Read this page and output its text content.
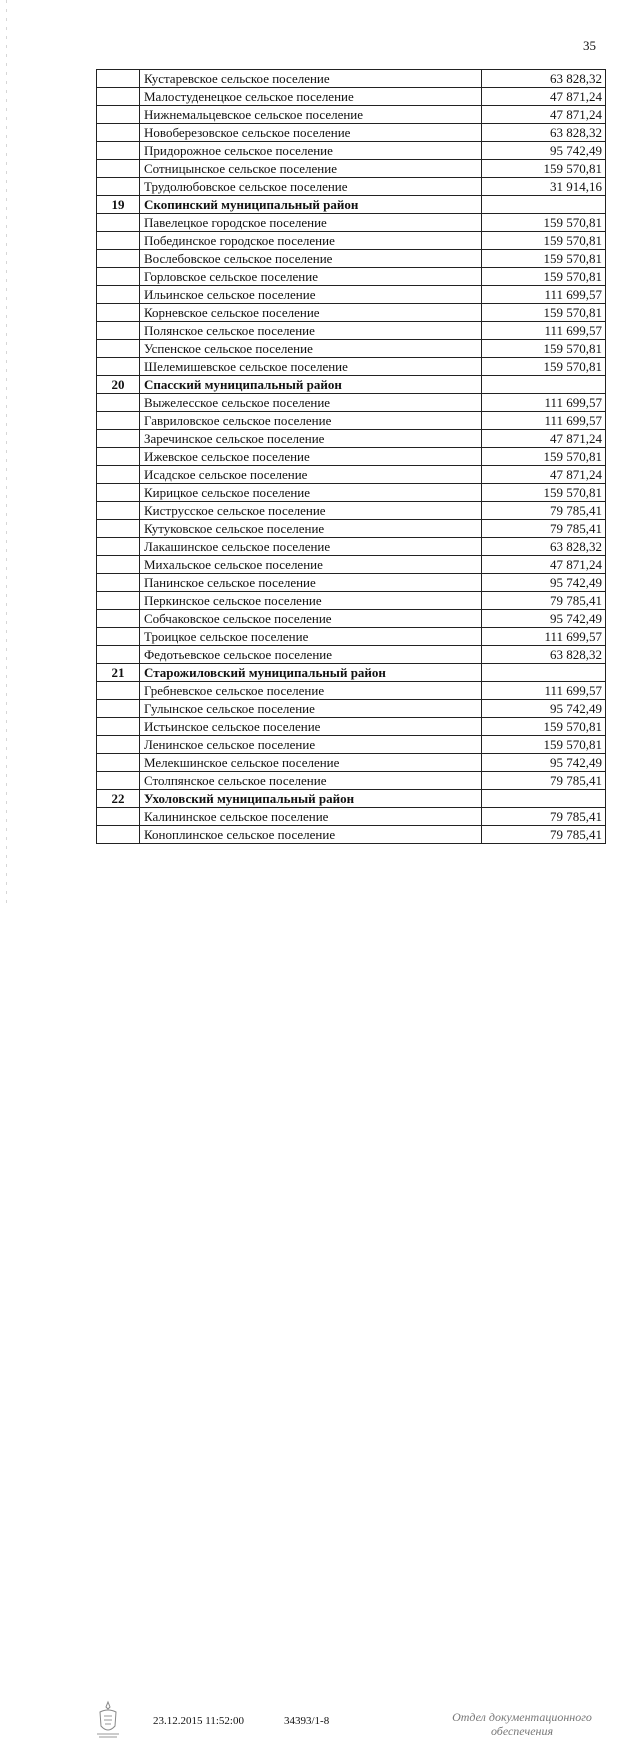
35
	Кустаревское сельское поселение	63 828,32
	Малостуденецкое сельское поселение	47 871,24
	Нижнемальцевское сельское поселение	47 871,24
	Новоберезовское сельское поселение	63 828,32
	Придорожное сельское поселение	95 742,49
	Сотницынское сельское поселение	159 570,81
	Трудолюбовское сельское поселение	31 914,16
19	Скопинский муниципальный район	
	Павелецкое городское поселение	159 570,81
	Побединское городское поселение	159 570,81
	Вослебовское сельское поселение	159 570,81
	Горловское сельское поселение	159 570,81
	Ильинское сельское поселение	111 699,57
	Корневское сельское поселение	159 570,81
	Полянское сельское поселение	111 699,57
	Успенское сельское поселение	159 570,81
	Шелемишевское сельское поселение	159 570,81
20	Спасский муниципальный район	
	Выжелесское сельское поселение	111 699,57
	Гавриловское сельское поселение	111 699,57
	Заречинское сельское поселение	47 871,24
	Ижевское сельское поселение	159 570,81
	Исадское сельское поселение	47 871,24
	Кирицкое сельское поселение	159 570,81
	Киструсское сельское поселение	79 785,41
	Кутуковское сельское поселение	79 785,41
	Лакашинское сельское поселение	63 828,32
	Михальское сельское поселение	47 871,24
	Панинское сельское поселение	95 742,49
	Перкинское сельское поселение	79 785,41
	Собчаковское сельское поселение	95 742,49
	Троицкое сельское поселение	111 699,57
	Федотьевское сельское поселение	63 828,32
21	Старожиловский муниципальный район	
	Гребневское сельское поселение	111 699,57
	Гулынское сельское поселение	95 742,49
	Истьинское сельское поселение	159 570,81
	Ленинское сельское поселение	159 570,81
	Мелекшинское сельское поселение	95 742,49
	Столпянское сельское поселение	79 785,41
22	Ухоловский муниципальный район	
	Калининское сельское поселение	79 785,41
	Коноплинское сельское поселение	79 785,41
23.12.2015 11:52:00	34393/1-8	Отдел документационного
обеспечения
